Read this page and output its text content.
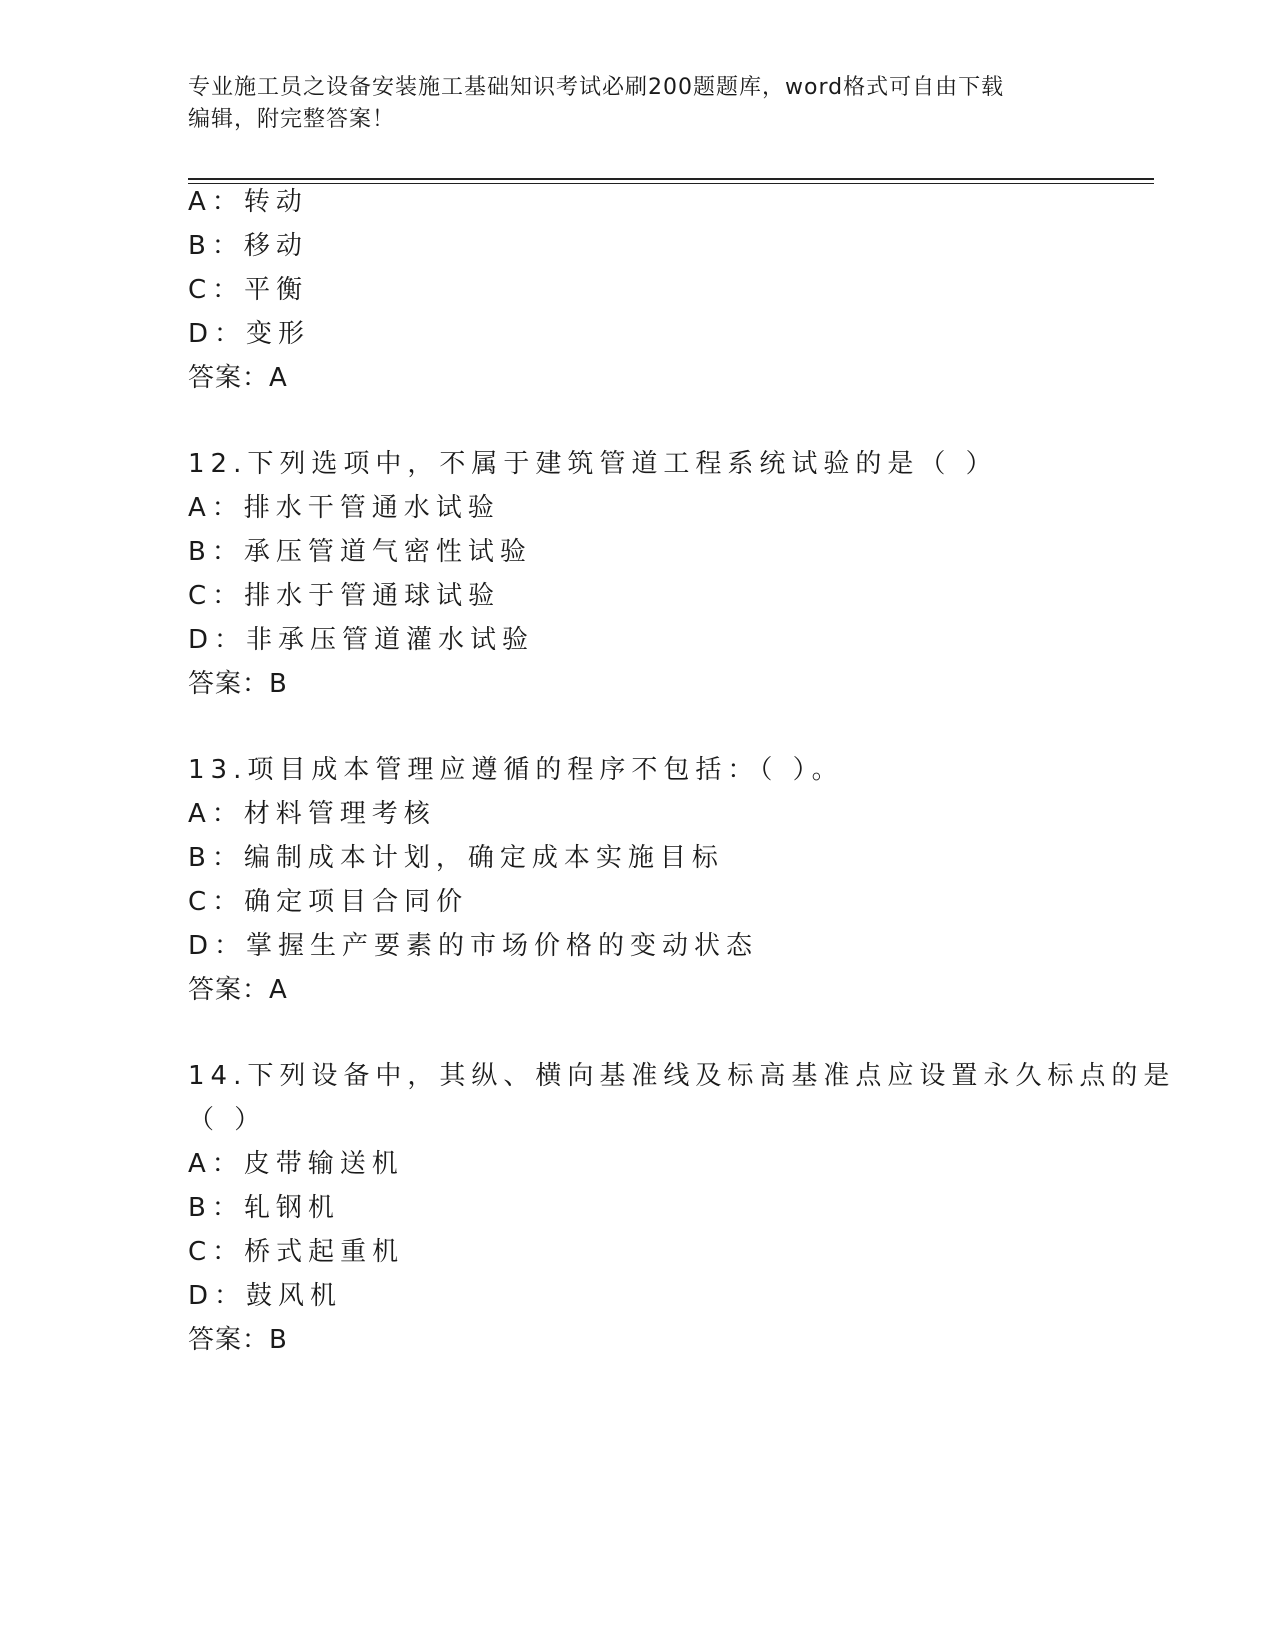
专业施工员之设备安装施工基础知识考试必刷200题题库，word格式可自由下载
编辑，附完整答案！
A：转动
B：移动
C：平衡
D：变形
答案：A
12.下列选项中，不属于建筑管道工程系统试验的是（ ）
A：排水干管通水试验
B：承压管道气密性试验
C：排水于管通球试验
D：非承压管道灌水试验
答案：B
13.项目成本管理应遵循的程序不包括：（ ）。
A：材料管理考核
B：编制成本计划，确定成本实施目标
C：确定项目合同价
D：掌握生产要素的市场价格的变动状态
答案：A
14.下列设备中，其纵、横向基准线及标高基准点应设置永久标点的是
（ ）
A：皮带输送机
B：轧钢机
C：桥式起重机
D：鼓风机
答案：B
